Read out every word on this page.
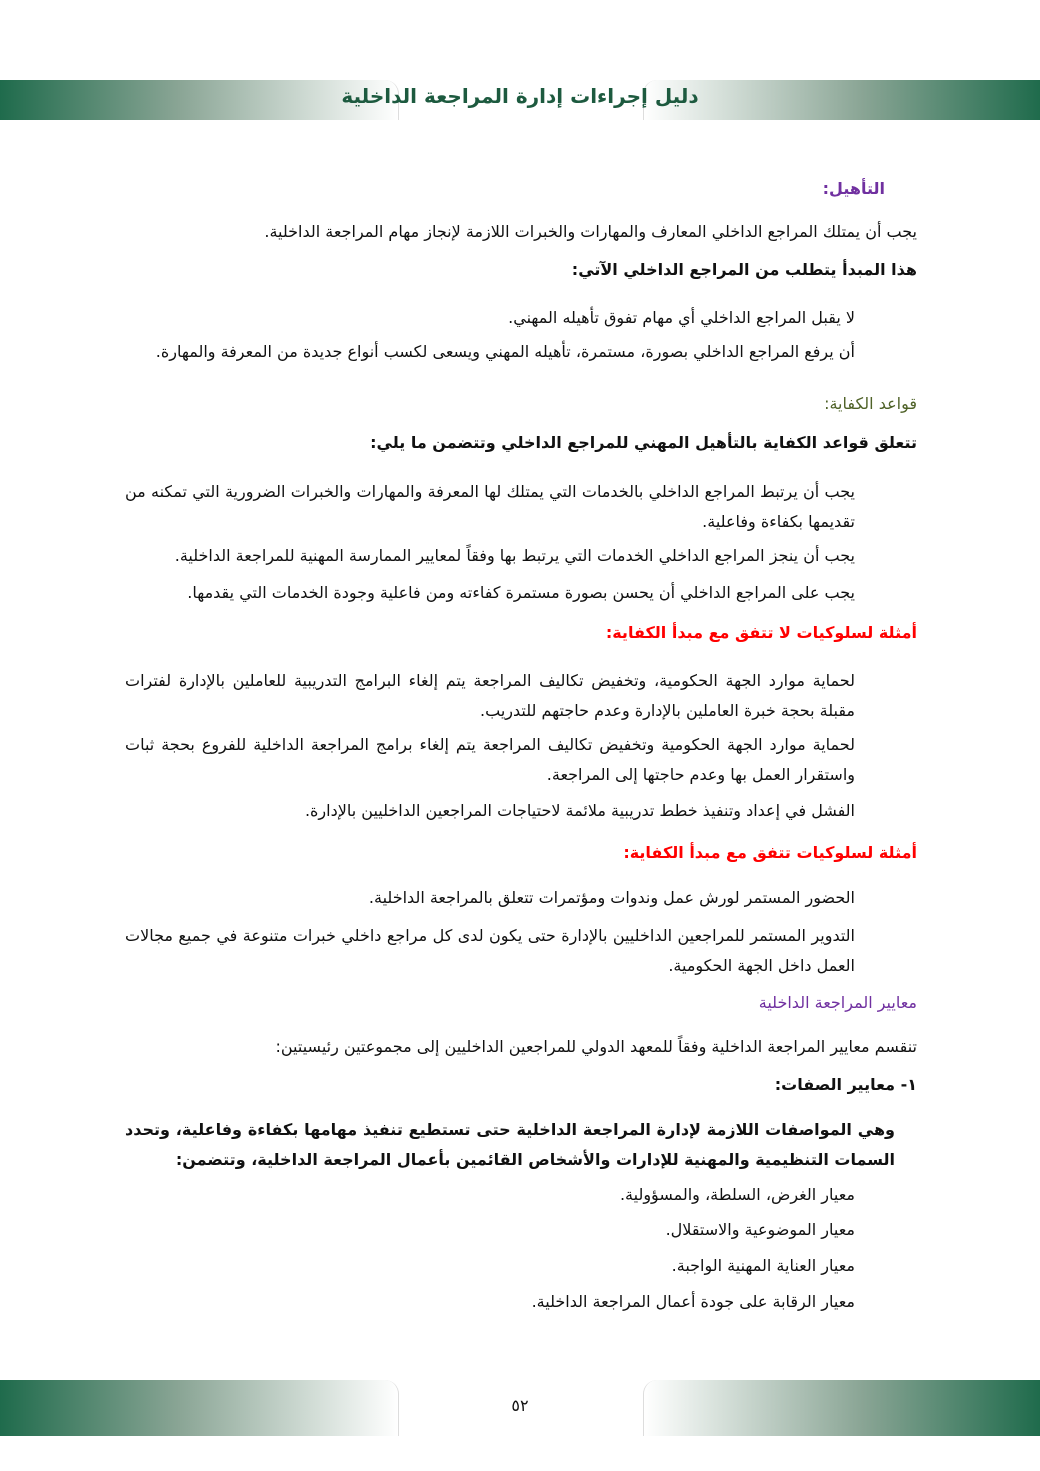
دليل إجراءات إدارة المراجعة الداخلية
التأهيل:
يجب أن يمتلك المراجع الداخلي المعارف والمهارات والخبرات اللازمة لإنجاز مهام المراجعة الداخلية.
هذا المبدأ يتطلب من المراجع الداخلي الآتي:
لا يقبل المراجع الداخلي أي مهام تفوق تأهيله المهني.
أن يرفع المراجع الداخلي بصورة، مستمرة، تأهيله المهني ويسعى لكسب أنواع جديدة من المعرفة والمهارة.
قواعد الكفاية:
تتعلق قواعد الكفاية بالتأهيل المهني للمراجع الداخلي وتتضمن ما يلي:
يجب أن يرتبط المراجع الداخلي بالخدمات التي يمتلك لها المعرفة والمهارات والخبرات الضرورية التي تمكنه من تقديمها بكفاءة وفاعلية.
يجب أن ينجز المراجع الداخلي الخدمات التي يرتبط بها وفقاً لمعايير الممارسة المهنية للمراجعة الداخلية.
يجب على المراجع الداخلي أن يحسن بصورة مستمرة كفاءته ومن فاعلية وجودة الخدمات التي يقدمها.
أمثلة لسلوكيات لا تتفق مع مبدأ الكفاية:
لحماية موارد الجهة الحكومية، وتخفيض تكاليف المراجعة يتم إلغاء البرامج التدريبية للعاملين بالإدارة لفترات مقبلة بحجة خبرة العاملين بالإدارة وعدم حاجتهم للتدريب.
لحماية موارد الجهة الحكومية وتخفيض تكاليف المراجعة يتم إلغاء برامج المراجعة الداخلية للفروع بحجة ثبات واستقرار العمل بها وعدم حاجتها إلى المراجعة.
الفشل في إعداد وتنفيذ خطط تدريبية ملائمة لاحتياجات المراجعين الداخليين بالإدارة.
أمثلة لسلوكيات تتفق مع مبدأ الكفاية:
الحضور المستمر لورش عمل وندوات ومؤتمرات تتعلق بالمراجعة الداخلية.
التدوير المستمر للمراجعين الداخليين بالإدارة حتى يكون لدى كل مراجع داخلي خبرات متنوعة في جميع مجالات العمل داخل الجهة الحكومية.
معايير المراجعة الداخلية
تنقسم معايير المراجعة الداخلية وفقاً للمعهد الدولي للمراجعين الداخليين إلى مجموعتين رئيسيتين:
١- معايير الصفات:
وهي المواصفات اللازمة لإدارة المراجعة الداخلية حتى تستطيع تنفيذ مهامها بكفاءة وفاعلية، وتحدد السمات التنظيمية والمهنية للإدارات والأشخاص القائمين بأعمال المراجعة الداخلية، وتتضمن:
معيار الغرض، السلطة، والمسؤولية.
معيار الموضوعية والاستقلال.
معيار العناية المهنية الواجبة.
معيار الرقابة على جودة أعمال المراجعة الداخلية.
٥٢
